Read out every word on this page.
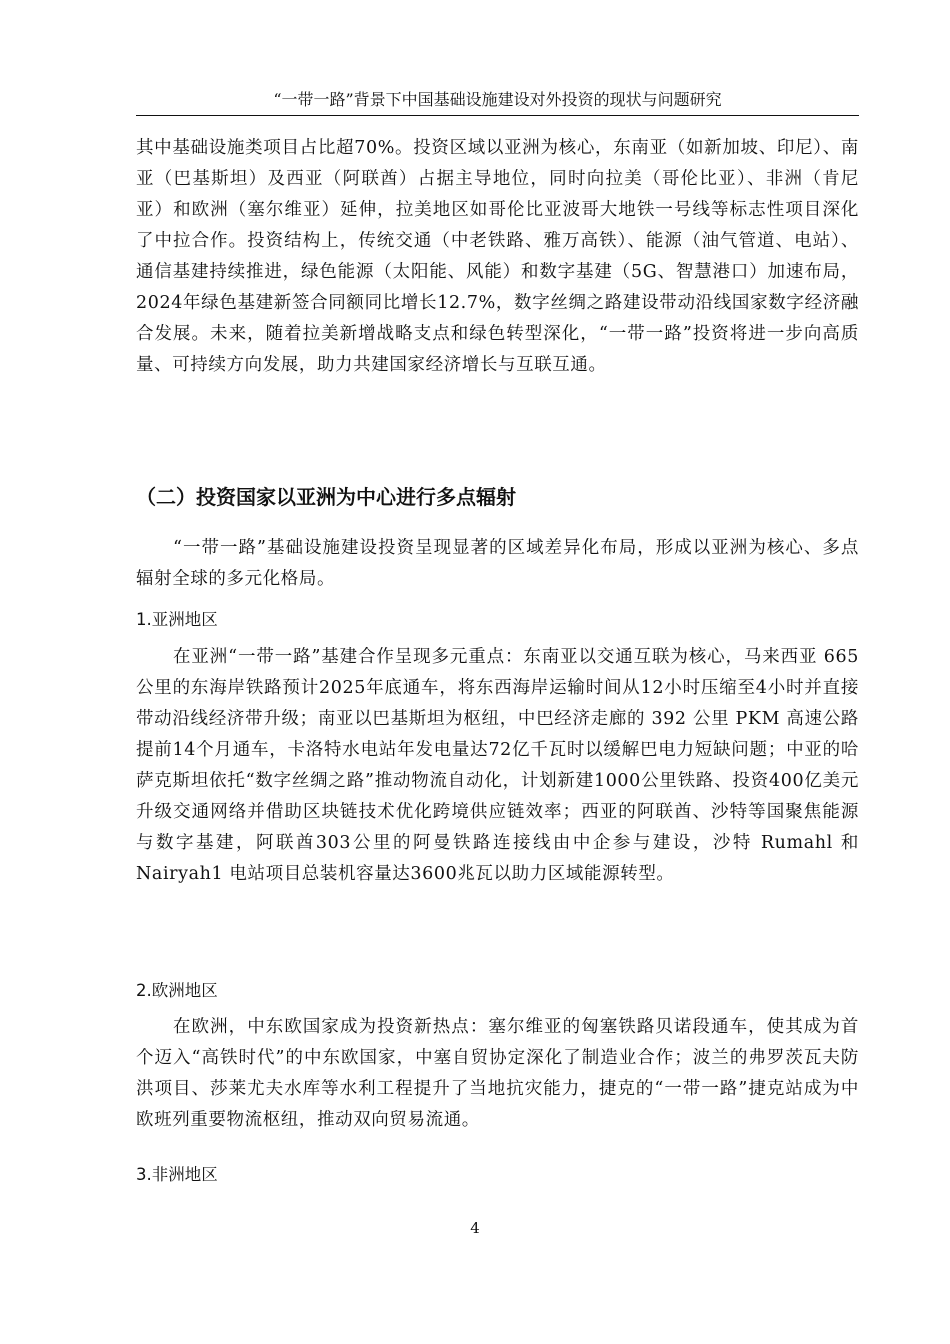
“一带一路”背景下中国基础设施建设对外投资的现状与问题研究

其中基础设施类项目占比超70%。投资区域以亚洲为核心，东南亚（如新加坡、印尼）、南亚（巴基斯坦）及西亚（阿联酋）占据主导地位，同时向拉美（哥伦比亚）、非洲（肯尼亚）和欧洲（塞尔维亚）延伸，拉美地区如哥伦比亚波哥大地铁一号线等标志性项目深化了中拉合作。投资结构上，传统交通（中老铁路、雅万高铁）、能源（油气管道、电站）、通信基建持续推进，绿色能源（太阳能、风能）和数字基建（5G、智慧港口）加速布局，2024年绿色基建新签合同额同比增长12.7%，数字丝绸之路建设带动沿线国家数字经济融合发展。未来，随着拉美新增战略支点和绿色转型深化，“一带一路”投资将进一步向高质量、可持续方向发展，助力共建国家经济增长与互联互通。

（二）投资国家以亚洲为中心进行多点辐射

“一带一路”基础设施建设投资呈现显著的区域差异化布局，形成以亚洲为核心、多点辐射全球的多元化格局。

1.亚洲地区

在亚洲“一带一路”基建合作呈现多元重点：东南亚以交通互联为核心，马来西亚 665 公里的东海岸铁路预计2025年底通车，将东西海岸运输时间从12小时压缩至4小时并直接带动沿线经济带升级；南亚以巴基斯坦为枢纽，中巴经济走廊的 392 公里 PKM 高速公路提前14个月通车，卡洛特水电站年发电量达72亿千瓦时以缓解巴电力短缺问题；中亚的哈萨克斯坦依托“数字丝绸之路”推动物流自动化，计划新建1000公里铁路、投资400亿美元升级交通网络并借助区块链技术优化跨境供应链效率；西亚的阿联酋、沙特等国聚焦能源与数字基建，阿联酋303公里的阿曼铁路连接线由中企参与建设，沙特 Rumahl 和 Nairyah1 电站项目总装机容量达3600兆瓦以助力区域能源转型。

2.欧洲地区

在欧洲，中东欧国家成为投资新热点：塞尔维亚的匈塞铁路贝诺段通车，使其成为首个迈入“高铁时代”的中东欧国家，中塞自贸协定深化了制造业合作；波兰的弗罗茨瓦夫防洪项目、莎莱尤夫水库等水利工程提升了当地抗灾能力，捷克的“一带一路”捷克站成为中欧班列重要物流枢纽，推动双向贸易流通。

3.非洲地区
4
